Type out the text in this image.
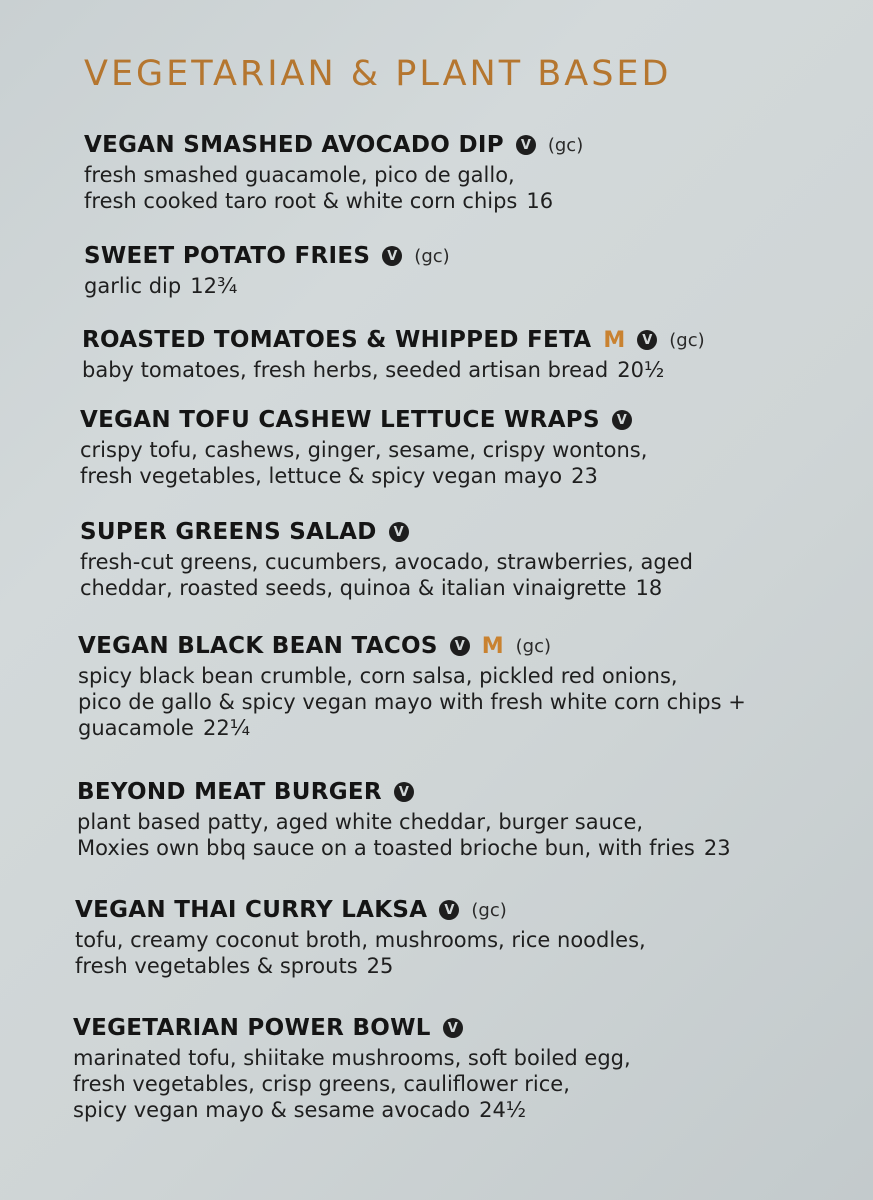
VEGETARIAN & PLANT BASED
VEGAN SMASHED AVOCADO DIP	V (gc)
fresh smashed guacamole, pico de gallo,
fresh cooked taro root & white corn chips 16
SWEET POTATO FRIES	V (gc)
garlic dip 12¾
ROASTED TOMATOES & WHIPPED FETA M	V (gc)
baby tomatoes, fresh herbs, seeded artisan bread 20½
VEGAN TOFU CASHEW LETTUCE WRAPS	V
crispy tofu, cashews, ginger, sesame, crispy wontons,
fresh vegetables, lettuce & spicy vegan mayo 23
SUPER GREENS SALAD	V
fresh-cut greens, cucumbers, avocado, strawberries, aged
cheddar, roasted seeds, quinoa & italian vinaigrette 18
VEGAN BLACK BEAN TACOS	V M (gc)
spicy black bean crumble, corn salsa, pickled red onions,
pico de gallo & spicy vegan mayo with fresh white corn chips +
guacamole 22¼
BEYOND MEAT BURGER	V
plant based patty, aged white cheddar, burger sauce,
Moxies own bbq sauce on a toasted brioche bun, with fries 23
VEGAN THAI CURRY LAKSA	V (gc)
tofu, creamy coconut broth, mushrooms, rice noodles,
fresh vegetables & sprouts 25
VEGETARIAN POWER BOWL	V
marinated tofu, shiitake mushrooms, soft boiled egg,
fresh vegetables, crisp greens, cauliflower rice,
spicy vegan mayo & sesame avocado 24½
